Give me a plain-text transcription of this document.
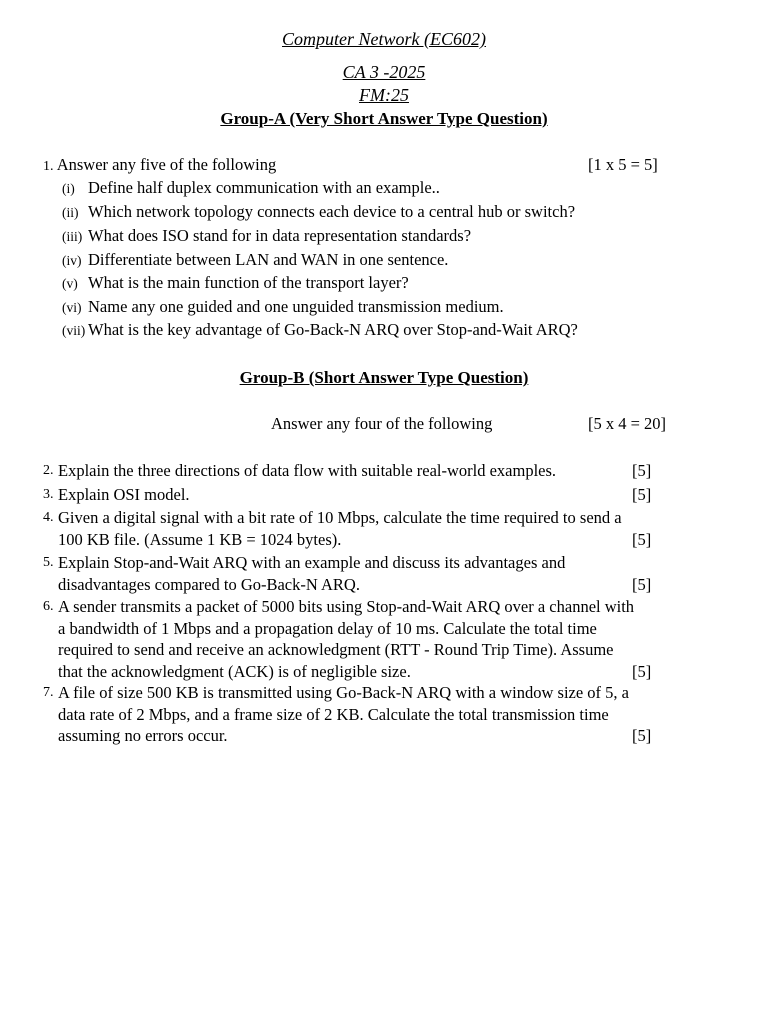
Computer Network (EC602)
CA 3 -2025
FM:25
Group-A (Very Short Answer Type Question)
1. Answer any five of the following	[1 x 5 = 5]
(i) Define half duplex communication with an example..
(ii) Which network topology connects each device to a central hub or switch?
(iii) What does ISO stand for in data representation standards?
(iv) Differentiate between LAN and WAN in one sentence.
(v) What is the main function of the transport layer?
(vi) Name any one guided and one unguided transmission medium.
(vii) What is the key advantage of Go-Back-N ARQ over Stop-and-Wait ARQ?
Group-B (Short Answer Type Question)
Answer any four of the following	[5 x 4 = 20]
2. Explain the three directions of data flow with suitable real-world examples.	[5]
3. Explain OSI model.	[5]
4. Given a digital signal with a bit rate of 10 Mbps, calculate the time required to send a
100 KB file. (Assume 1 KB = 1024 bytes).	[5]
5. Explain Stop-and-Wait ARQ with an example and discuss its advantages and
disadvantages compared to Go-Back-N ARQ.	[5]
6. A sender transmits a packet of 5000 bits using Stop-and-Wait ARQ over a channel with
a bandwidth of 1 Mbps and a propagation delay of 10 ms. Calculate the total time
required to send and receive an acknowledgment (RTT - Round Trip Time). Assume
that the acknowledgment (ACK) is of negligible size.	[5]
7. A file of size 500 KB is transmitted using Go-Back-N ARQ with a window size of 5, a
data rate of 2 Mbps, and a frame size of 2 KB. Calculate the total transmission time
assuming no errors occur.	[5]
